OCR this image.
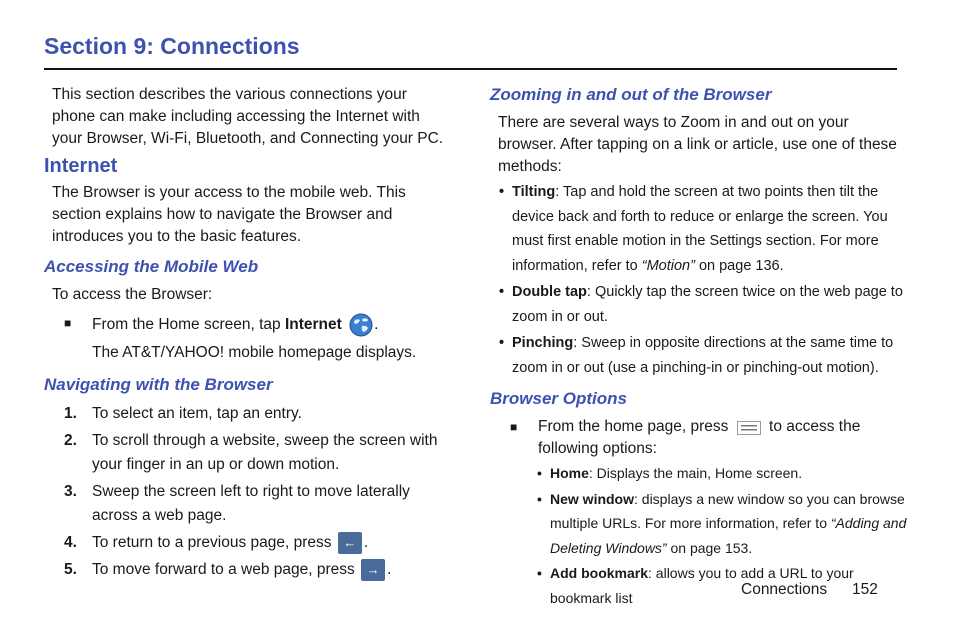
Section 9: Connections

This section describes the various connections your phone can make including accessing the Internet with your Browser, Wi-Fi, Bluetooth, and Connecting your PC.

Internet

The Browser is your access to the mobile web. This section explains how to navigate the Browser and introduces you to the basic features.

Accessing the Mobile Web

To access the Browser:

■ From the Home screen, tap Internet .
The AT&T/YAHOO! mobile homepage displays.
Navigating with the Browser
1. To select an item, tap an entry.
2. To scroll through a website, sweep the screen with your finger in an up or down motion.
3. Sweep the screen left to right to move laterally across a web page.
4. To return to a previous page, press ← .
5. To move forward to a web page, press → .
Zooming in and out of the Browser

There are several ways to Zoom in and out on your browser. After tapping on a link or article, use one of these methods:

• Tilting: Tap and hold the screen at two points then tilt the device back and forth to reduce or enlarge the screen. You must first enable motion in the Settings section. For more information, refer to “Motion” on page 136.
• Double tap: Quickly tap the screen twice on the web page to zoom in or out.
• Pinching: Sweep in opposite directions at the same time to zoom in or out (use a pinching-in or pinching-out motion).
Browser Options
■ From the home page, press  to access the following options:
• Home: Displays the main, Home screen.
• New window: displays a new window so you can browse multiple URLs. For more information, refer to “Adding and Deleting Windows” on page 153.
• Add bookmark: allows you to add a URL to your bookmark list	Connections 152
